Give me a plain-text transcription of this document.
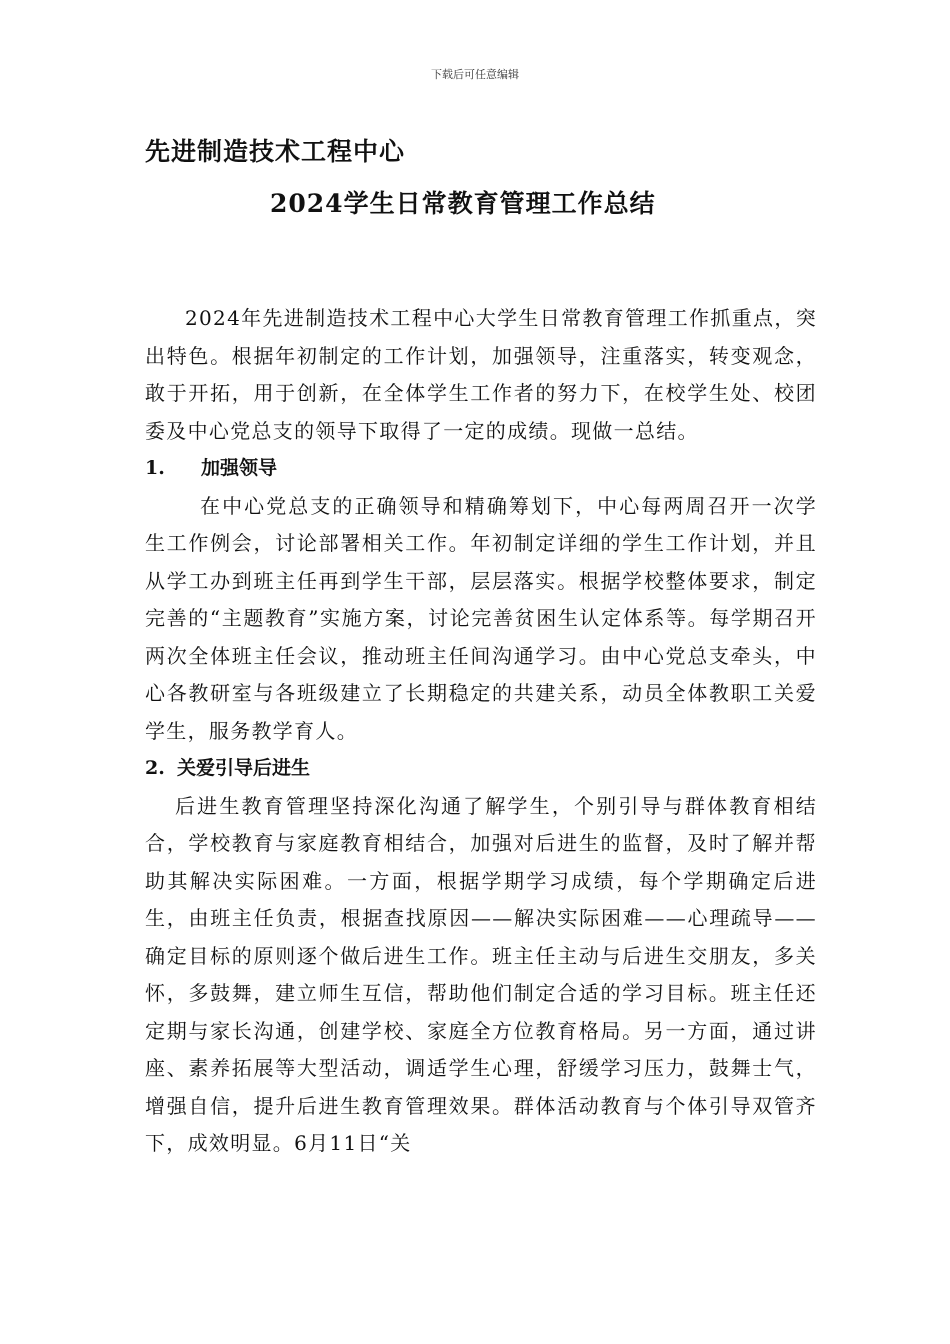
下载后可任意编辑
先进制造技术工程中心
2024学生日常教育管理工作总结

2024年先进制造技术工程中心大学生日常教育管理工作抓重点，突出特色。根据年初制定的工作计划，加强领导，注重落实，转变观念，敢于开拓，用于创新，在全体学生工作者的努力下，在校学生处、校团委及中心党总支的领导下取得了一定的成绩。现做一总结。

1. 加强领导

在中心党总支的正确领导和精确筹划下，中心每两周召开一次学生工作例会，讨论部署相关工作。年初制定详细的学生工作计划，并且从学工办到班主任再到学生干部，层层落实。根据学校整体要求，制定完善的“主题教育”实施方案，讨论完善贫困生认定体系等。每学期召开两次全体班主任会议，推动班主任间沟通学习。由中心党总支牵头，中心各教研室与各班级建立了长期稳定的共建关系，动员全体教职工关爱学生，服务教学育人。

2. 关爱引导后进生

后进生教育管理坚持深化沟通了解学生，个别引导与群体教育相结合，学校教育与家庭教育相结合，加强对后进生的监督，及时了解并帮助其解决实际困难。一方面，根据学期学习成绩，每个学期确定后进生，由班主任负责，根据查找原因——解决实际困难——心理疏导——确定目标的原则逐个做后进生工作。班主任主动与后进生交朋友，多关怀，多鼓舞，建立师生互信，帮助他们制定合适的学习目标。班主任还定期与家长沟通，创建学校、家庭全方位教育格局。另一方面，通过讲座、素养拓展等大型活动，调适学生心理，舒缓学习压力，鼓舞士气，增强自信，提升后进生教育管理效果。群体活动教育与个体引导双管齐下，成效明显。6月11日“关
